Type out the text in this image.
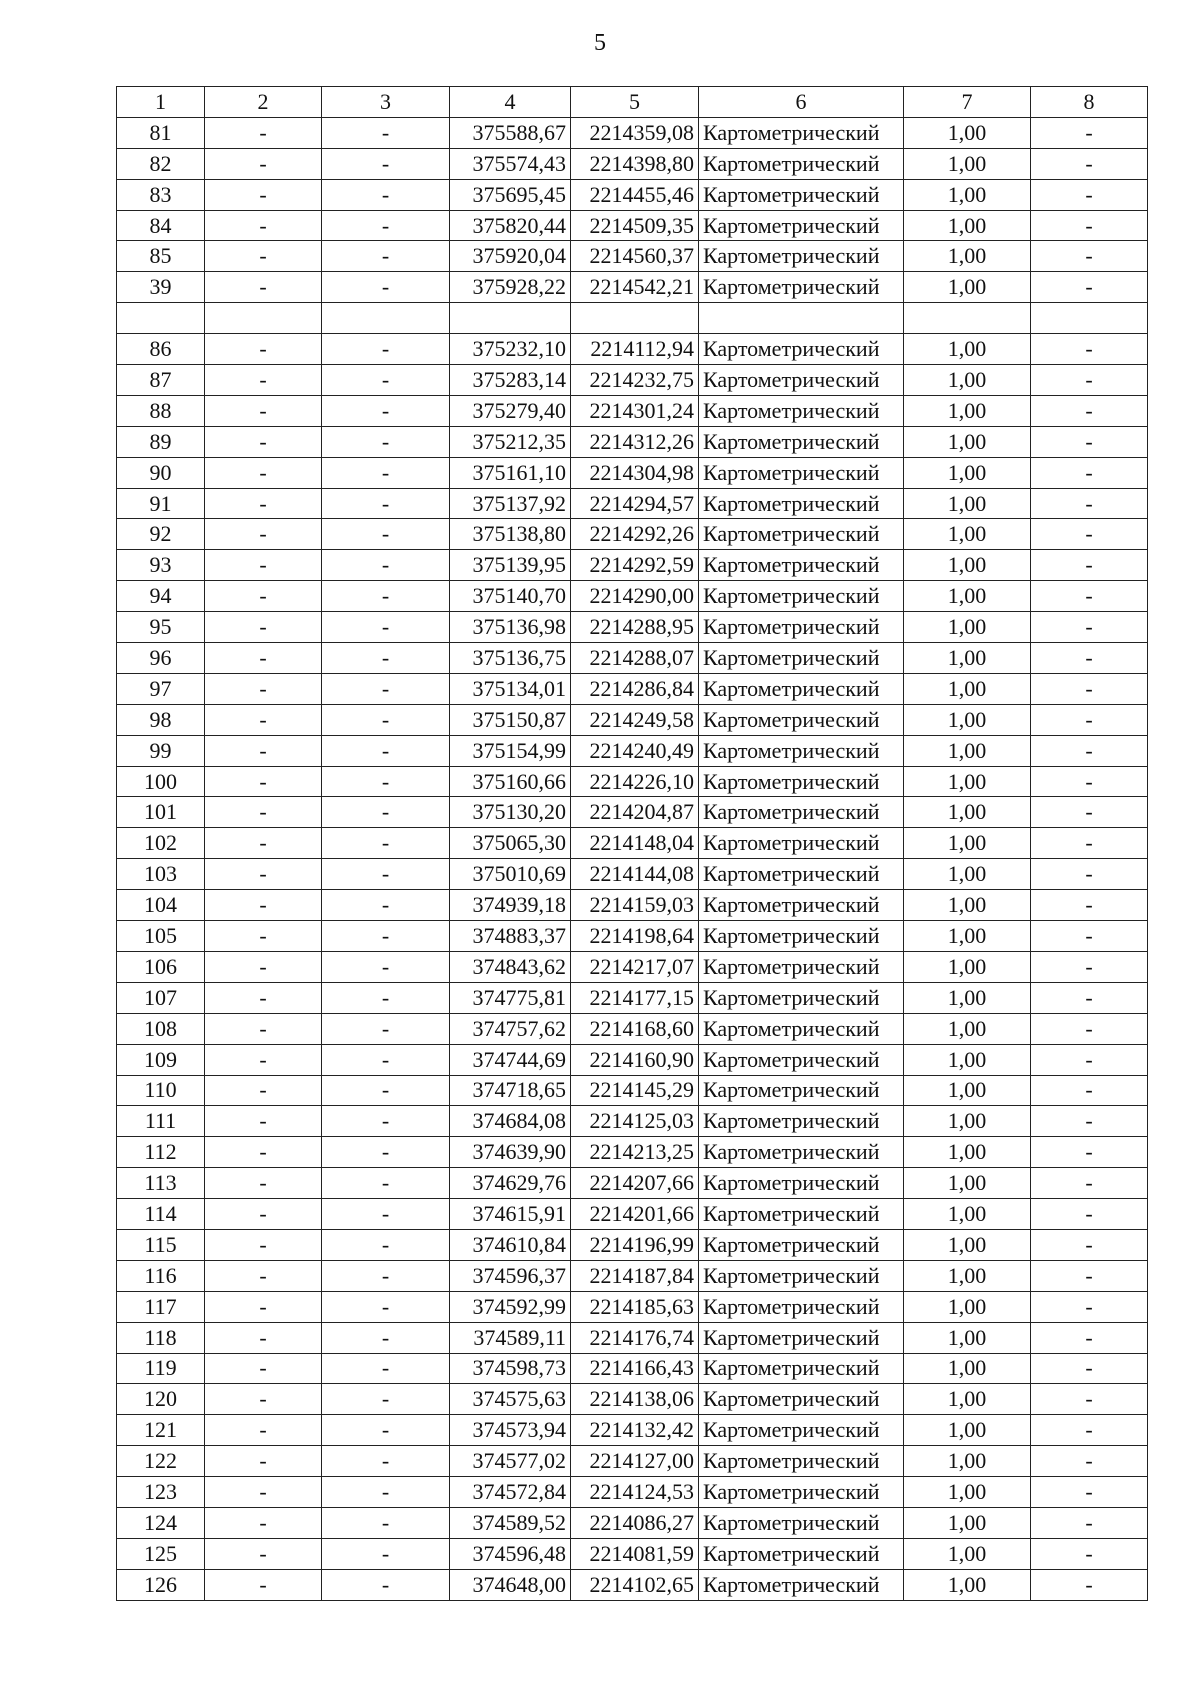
5
1	2	3	4	5	6	7	8
81	-	-	375588,67	2214359,08	Картометрический	1,00	-
82	-	-	375574,43	2214398,80	Картометрический	1,00	-
83	-	-	375695,45	2214455,46	Картометрический	1,00	-
84	-	-	375820,44	2214509,35	Картометрический	1,00	-
85	-	-	375920,04	2214560,37	Картометрический	1,00	-
39	-	-	375928,22	2214542,21	Картометрический	1,00	-

86	-	-	375232,10	2214112,94	Картометрический	1,00	-
87	-	-	375283,14	2214232,75	Картометрический	1,00	-
88	-	-	375279,40	2214301,24	Картометрический	1,00	-
89	-	-	375212,35	2214312,26	Картометрический	1,00	-
90	-	-	375161,10	2214304,98	Картометрический	1,00	-
91	-	-	375137,92	2214294,57	Картометрический	1,00	-
92	-	-	375138,80	2214292,26	Картометрический	1,00	-
93	-	-	375139,95	2214292,59	Картометрический	1,00	-
94	-	-	375140,70	2214290,00	Картометрический	1,00	-
95	-	-	375136,98	2214288,95	Картометрический	1,00	-
96	-	-	375136,75	2214288,07	Картометрический	1,00	-
97	-	-	375134,01	2214286,84	Картометрический	1,00	-
98	-	-	375150,87	2214249,58	Картометрический	1,00	-
99	-	-	375154,99	2214240,49	Картометрический	1,00	-
100	-	-	375160,66	2214226,10	Картометрический	1,00	-
101	-	-	375130,20	2214204,87	Картометрический	1,00	-
102	-	-	375065,30	2214148,04	Картометрический	1,00	-
103	-	-	375010,69	2214144,08	Картометрический	1,00	-
104	-	-	374939,18	2214159,03	Картометрический	1,00	-
105	-	-	374883,37	2214198,64	Картометрический	1,00	-
106	-	-	374843,62	2214217,07	Картометрический	1,00	-
107	-	-	374775,81	2214177,15	Картометрический	1,00	-
108	-	-	374757,62	2214168,60	Картометрический	1,00	-
109	-	-	374744,69	2214160,90	Картометрический	1,00	-
110	-	-	374718,65	2214145,29	Картометрический	1,00	-
111	-	-	374684,08	2214125,03	Картометрический	1,00	-
112	-	-	374639,90	2214213,25	Картометрический	1,00	-
113	-	-	374629,76	2214207,66	Картометрический	1,00	-
114	-	-	374615,91	2214201,66	Картометрический	1,00	-
115	-	-	374610,84	2214196,99	Картометрический	1,00	-
116	-	-	374596,37	2214187,84	Картометрический	1,00	-
117	-	-	374592,99	2214185,63	Картометрический	1,00	-
118	-	-	374589,11	2214176,74	Картометрический	1,00	-
119	-	-	374598,73	2214166,43	Картометрический	1,00	-
120	-	-	374575,63	2214138,06	Картометрический	1,00	-
121	-	-	374573,94	2214132,42	Картометрический	1,00	-
122	-	-	374577,02	2214127,00	Картометрический	1,00	-
123	-	-	374572,84	2214124,53	Картометрический	1,00	-
124	-	-	374589,52	2214086,27	Картометрический	1,00	-
125	-	-	374596,48	2214081,59	Картометрический	1,00	-
126	-	-	374648,00	2214102,65	Картометрический	1,00	-
